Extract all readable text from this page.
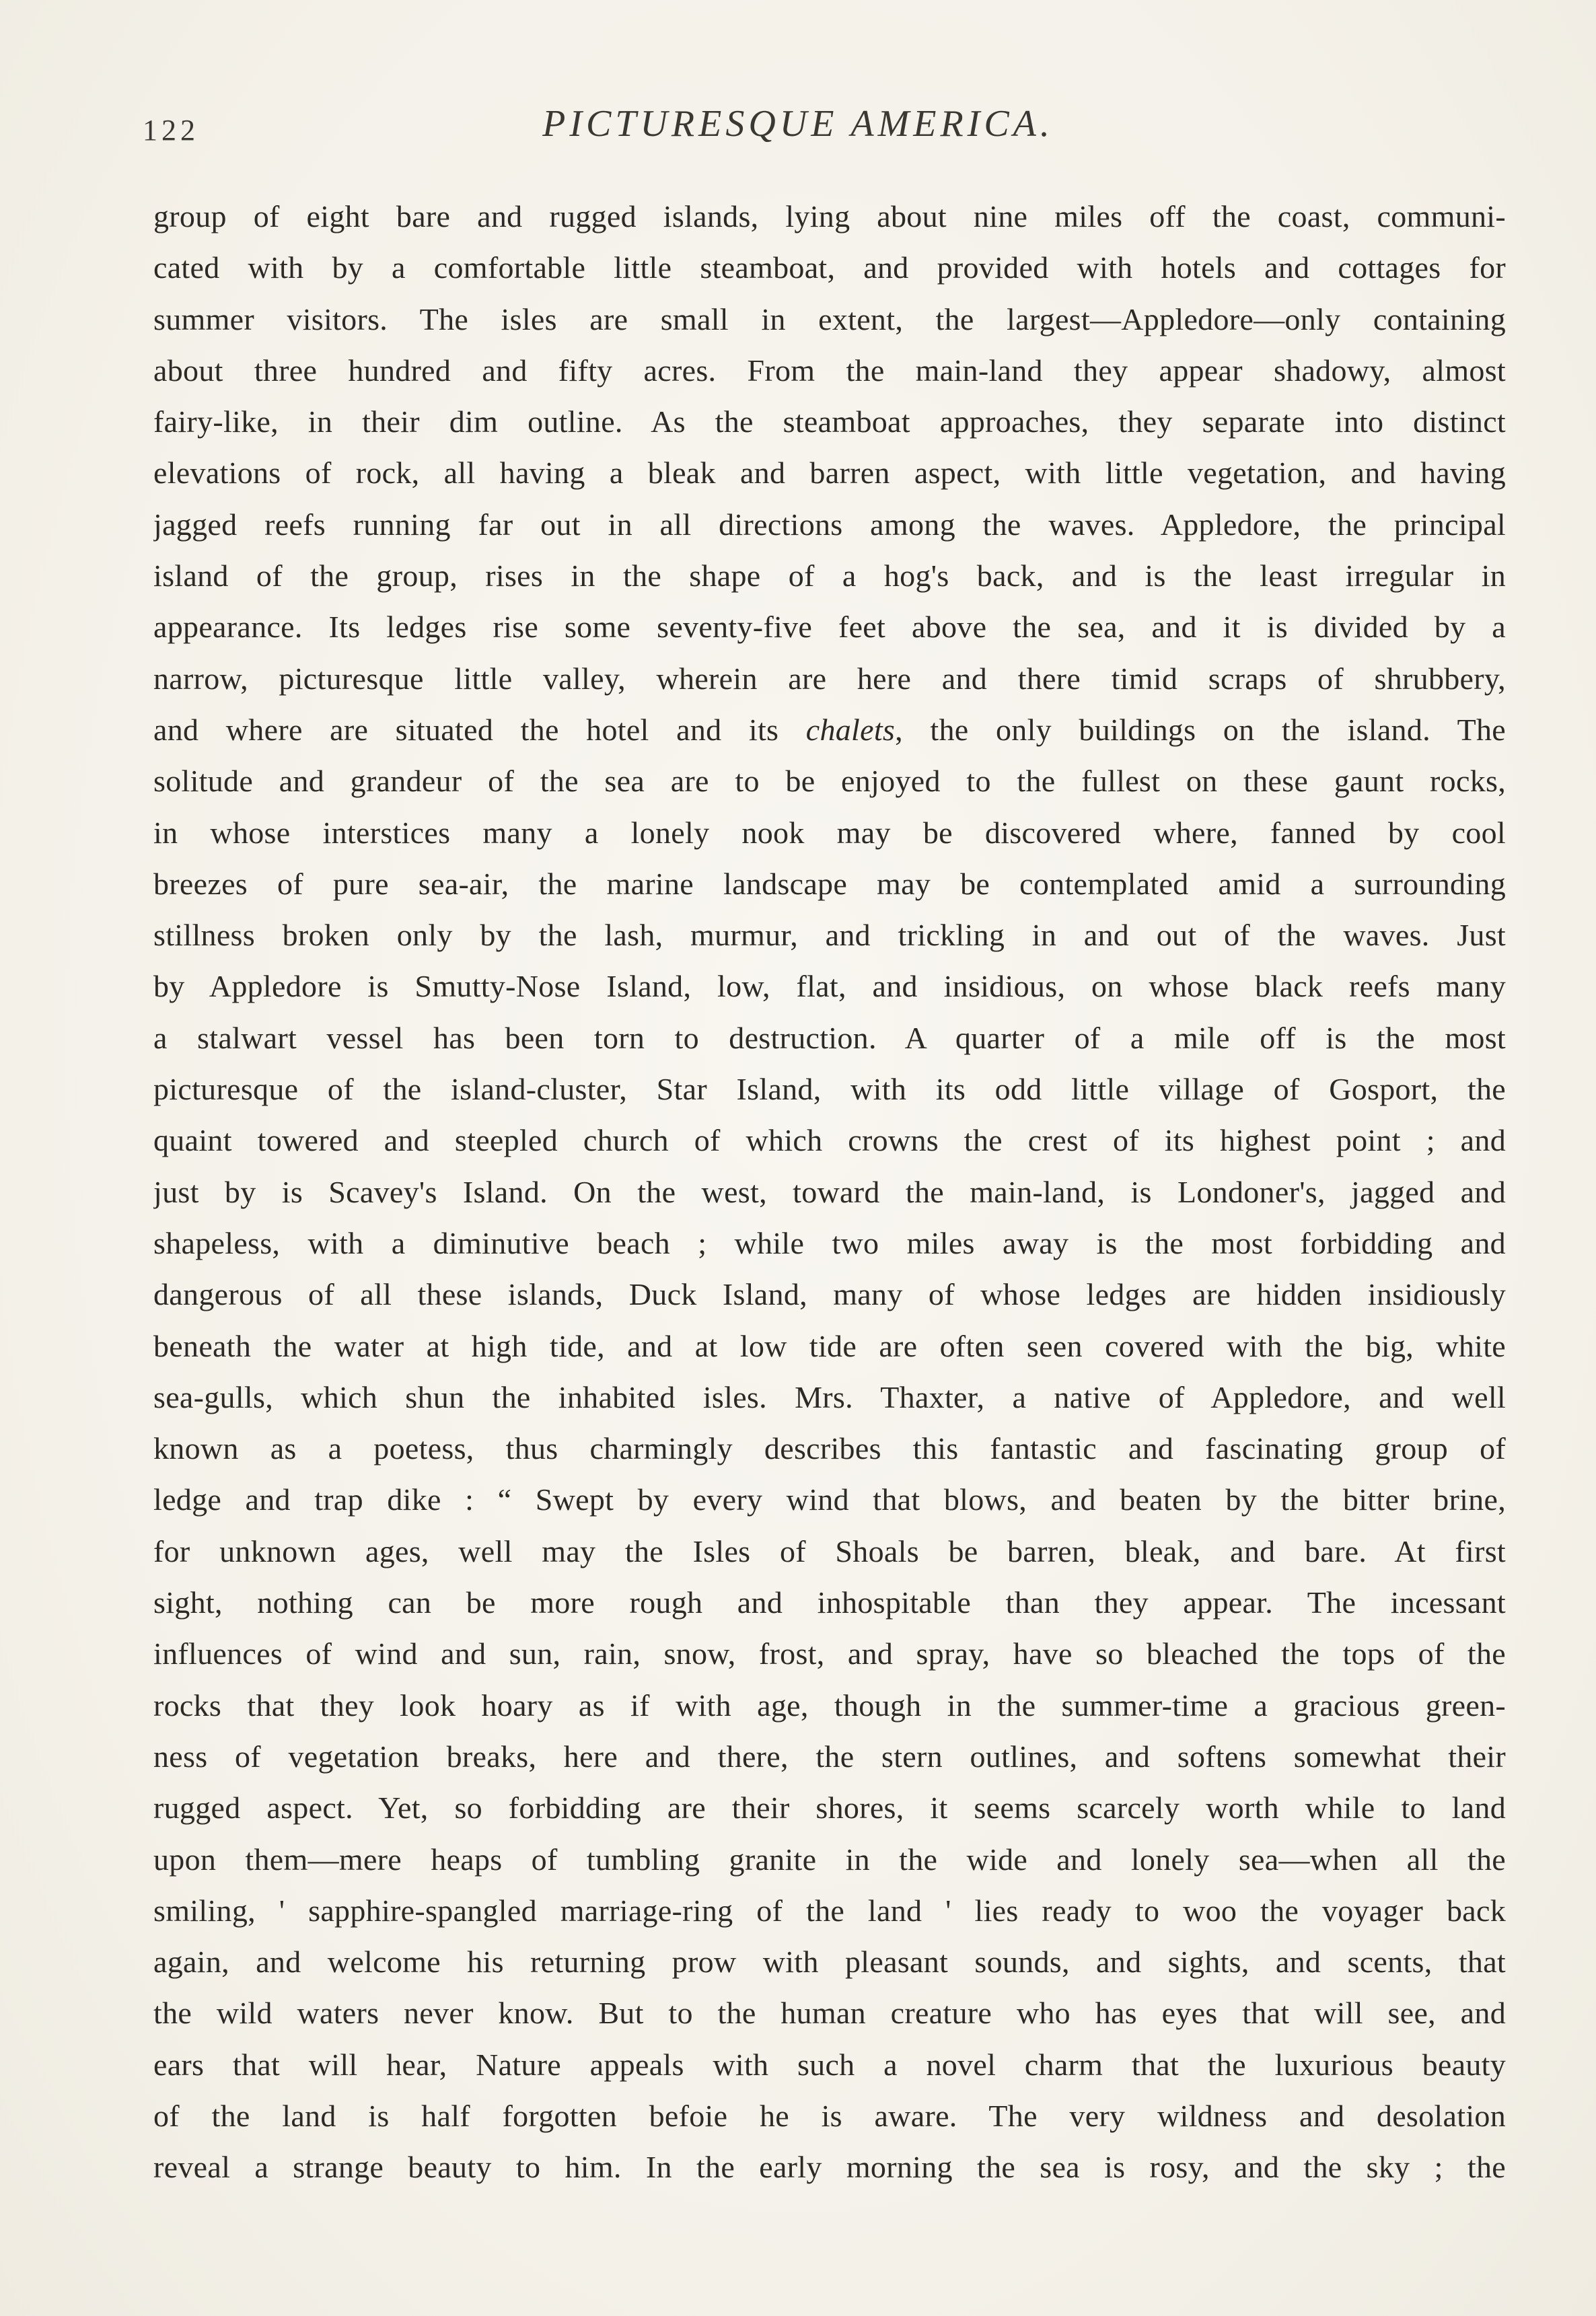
122	PICTURESQUE AMERICA.
group of eight bare and rugged islands, lying about nine miles off the coast, communi-
cated with by a comfortable little steamboat, and provided with hotels and cottages for
summer visitors. The isles are small in extent, the largest—Appledore—only containing
about three hundred and fifty acres. From the main-land they appear shadowy, almost
fairy-like, in their dim outline. As the steamboat approaches, they separate into distinct
elevations of rock, all having a bleak and barren aspect, with little vegetation, and having
jagged reefs running far out in all directions among the waves. Appledore, the principal
island of the group, rises in the shape of a hog's back, and is the least irregular in
appearance. Its ledges rise some seventy-five feet above the sea, and it is divided by a
narrow, picturesque little valley, wherein are here and there timid scraps of shrubbery,
and where are situated the hotel and its chalets, the only buildings on the island. The
solitude and grandeur of the sea are to be enjoyed to the fullest on these gaunt rocks,
in whose interstices many a lonely nook may be discovered where, fanned by cool
breezes of pure sea-air, the marine landscape may be contemplated amid a surrounding
stillness broken only by the lash, murmur, and trickling in and out of the waves. Just
by Appledore is Smutty-Nose Island, low, flat, and insidious, on whose black reefs many
a stalwart vessel has been torn to destruction. A quarter of a mile off is the most
picturesque of the island-cluster, Star Island, with its odd little village of Gosport, the
quaint towered and steepled church of which crowns the crest of its highest point ; and
just by is Scavey's Island. On the west, toward the main-land, is Londoner's, jagged and
shapeless, with a diminutive beach ; while two miles away is the most forbidding and
dangerous of all these islands, Duck Island, many of whose ledges are hidden insidiously
beneath the water at high tide, and at low tide are often seen covered with the big, white
sea-gulls, which shun the inhabited isles. Mrs. Thaxter, a native of Appledore, and well
known as a poetess, thus charmingly describes this fantastic and fascinating group of
ledge and trap dike : “ Swept by every wind that blows, and beaten by the bitter brine,
for unknown ages, well may the Isles of Shoals be barren, bleak, and bare. At first
sight, nothing can be more rough and inhospitable than they appear. The incessant
influences of wind and sun, rain, snow, frost, and spray, have so bleached the tops of the
rocks that they look hoary as if with age, though in the summer-time a gracious green-
ness of vegetation breaks, here and there, the stern outlines, and softens somewhat their
rugged aspect. Yet, so forbidding are their shores, it seems scarcely worth while to land
upon them—mere heaps of tumbling granite in the wide and lonely sea—when all the
smiling, ' sapphire-spangled marriage-ring of the land ' lies ready to woo the voyager back
again, and welcome his returning prow with pleasant sounds, and sights, and scents, that
the wild waters never know. But to the human creature who has eyes that will see, and
ears that will hear, Nature appeals with such a novel charm that the luxurious beauty
of the land is half forgotten befoie he is aware. The very wildness and desolation
reveal a strange beauty to him. In the early morning the sea is rosy, and the sky ; the
